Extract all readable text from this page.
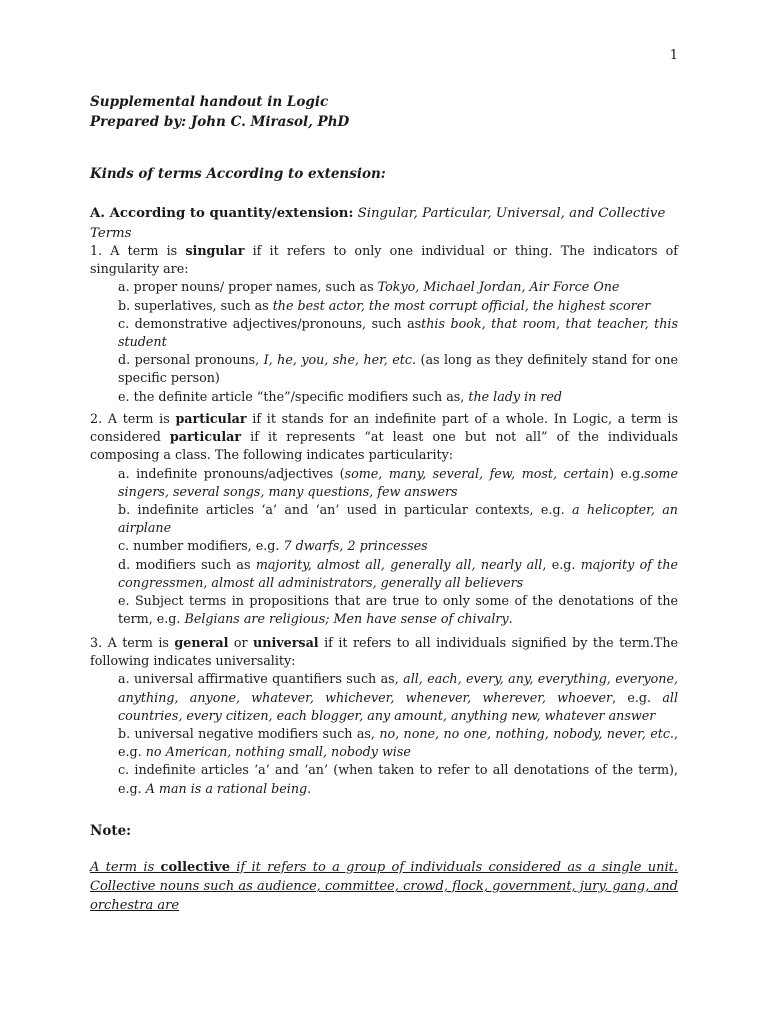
1
Supplemental handout in Logic
Prepared by: John C. Mirasol, PhD
Kinds of terms According to extension:
A. According to quantity/extension: Singular, Particular, Universal, and Collective Terms
1. A term is singular if it refers to only one individual or thing. The indicators of singularity are:
a. proper nouns/ proper names, such as Tokyo, Michael Jordan, Air Force One
b. superlatives, such as the best actor, the most corrupt official, the highest scorer
c. demonstrative adjectives/pronouns, such asthis book, that room, that teacher, this student
d. personal pronouns, I, he, you, she, her, etc. (as long as they definitely stand for one specific person)
e. the definite article “the”/specific modifiers such as, the lady in red
2. A term is particular if it stands for an indefinite part of a whole. In Logic, a term is considered particular if it represents “at least one but not all” of the individuals composing a class. The following indicates particularity:
a. indefinite pronouns/adjectives (some, many, several, few, most, certain) e.g.some singers, several songs, many questions, few answers
b. indefinite articles ‘a’ and ‘an’ used in particular contexts, e.g. a helicopter, an airplane
c. number modifiers, e.g. 7 dwarfs, 2 princesses
d. modifiers such as majority, almost all, generally all, nearly all, e.g. majority of the congressmen, almost all administrators, generally all believers
e. Subject terms in propositions that are true to only some of the denotations of the term, e.g. Belgians are religious; Men have sense of chivalry.
3. A term is general or universal if it refers to all individuals signified by the term.The following indicates universality:
a. universal affirmative quantifiers such as, all, each, every, any, everything, everyone, anything, anyone, whatever, whichever, whenever, wherever, whoever, e.g. all countries, every citizen, each blogger, any amount, anything new, whatever answer
b. universal negative modifiers such as, no, none, no one, nothing, nobody, never, etc., e.g. no American, nothing small, nobody wise
c. indefinite articles ‘a’ and ‘an’ (when taken to refer to all denotations of the term), e.g. A man is a rational being.
Note:
A term is collective if it refers to a group of individuals considered as a single unit. Collective nouns such as audience, committee, crowd, flock, government, jury, gang, and orchestra are
